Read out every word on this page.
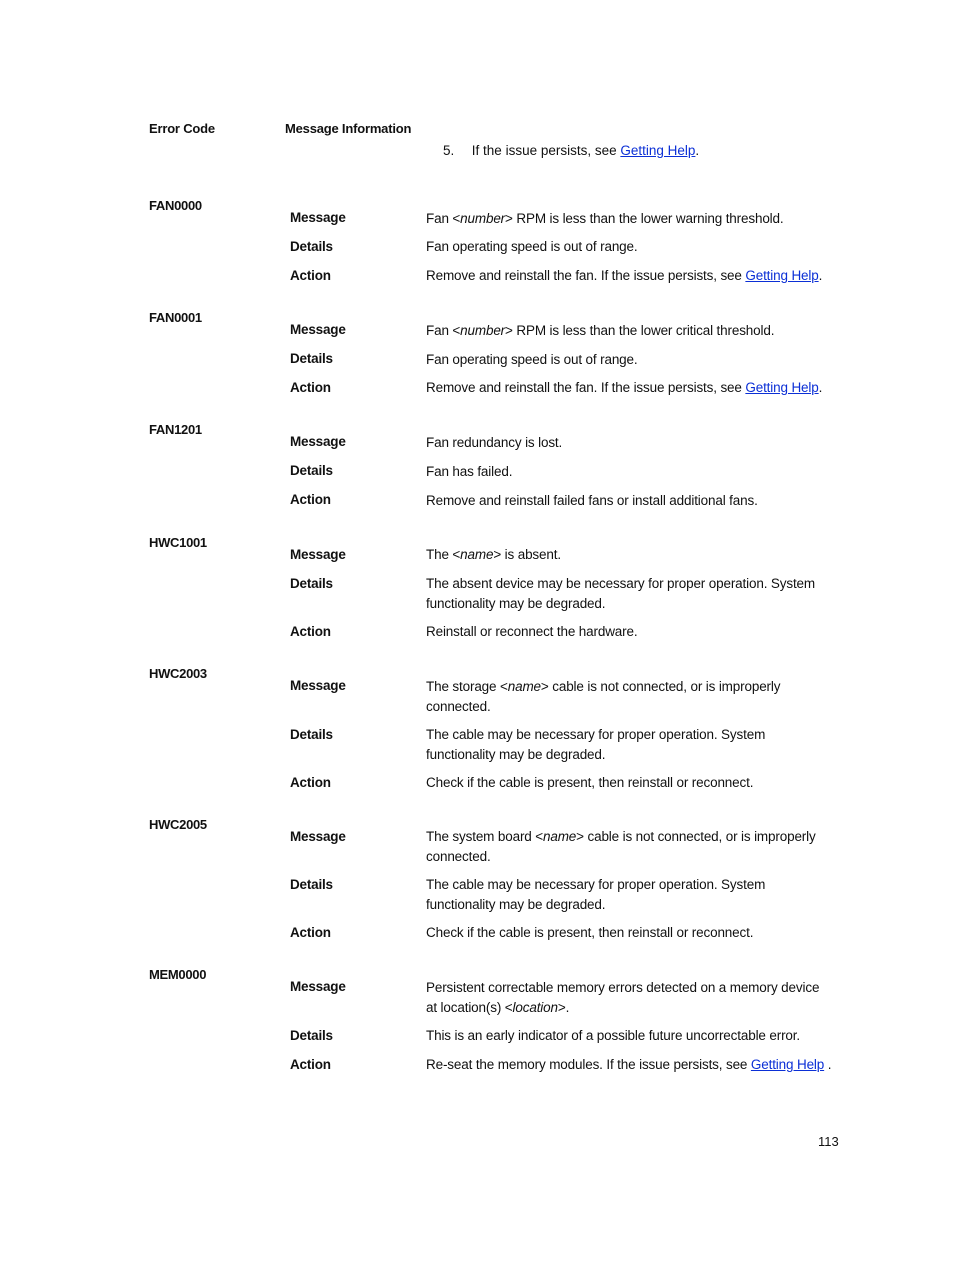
Error Code	Message Information
5. If the issue persists, see Getting Help.
FAN0000
Message	Fan <number> RPM is less than the lower warning threshold.
Details	Fan operating speed is out of range.
Action	Remove and reinstall the fan. If the issue persists, see Getting Help.
FAN0001
Message	Fan <number> RPM is less than the lower critical threshold.
Details	Fan operating speed is out of range.
Action	Remove and reinstall the fan. If the issue persists, see Getting Help.
FAN1201
Message	Fan redundancy is lost.
Details	Fan has failed.
Action	Remove and reinstall failed fans or install additional fans.
HWC1001
Message	The <name> is absent.
Details	The absent device may be necessary for proper operation. System functionality may be degraded.
Action	Reinstall or reconnect the hardware.
HWC2003
Message	The storage <name> cable is not connected, or is improperly connected.
Details	The cable may be necessary for proper operation. System functionality may be degraded.
Action	Check if the cable is present, then reinstall or reconnect.
HWC2005
Message	The system board <name> cable is not connected, or is improperly connected.
Details	The cable may be necessary for proper operation. System functionality may be degraded.
Action	Check if the cable is present, then reinstall or reconnect.
MEM0000
Message	Persistent correctable memory errors detected on a memory device at location(s) <location>.
Details	This is an early indicator of a possible future uncorrectable error.
Action	Re-seat the memory modules. If the issue persists, see Getting Help .
113
